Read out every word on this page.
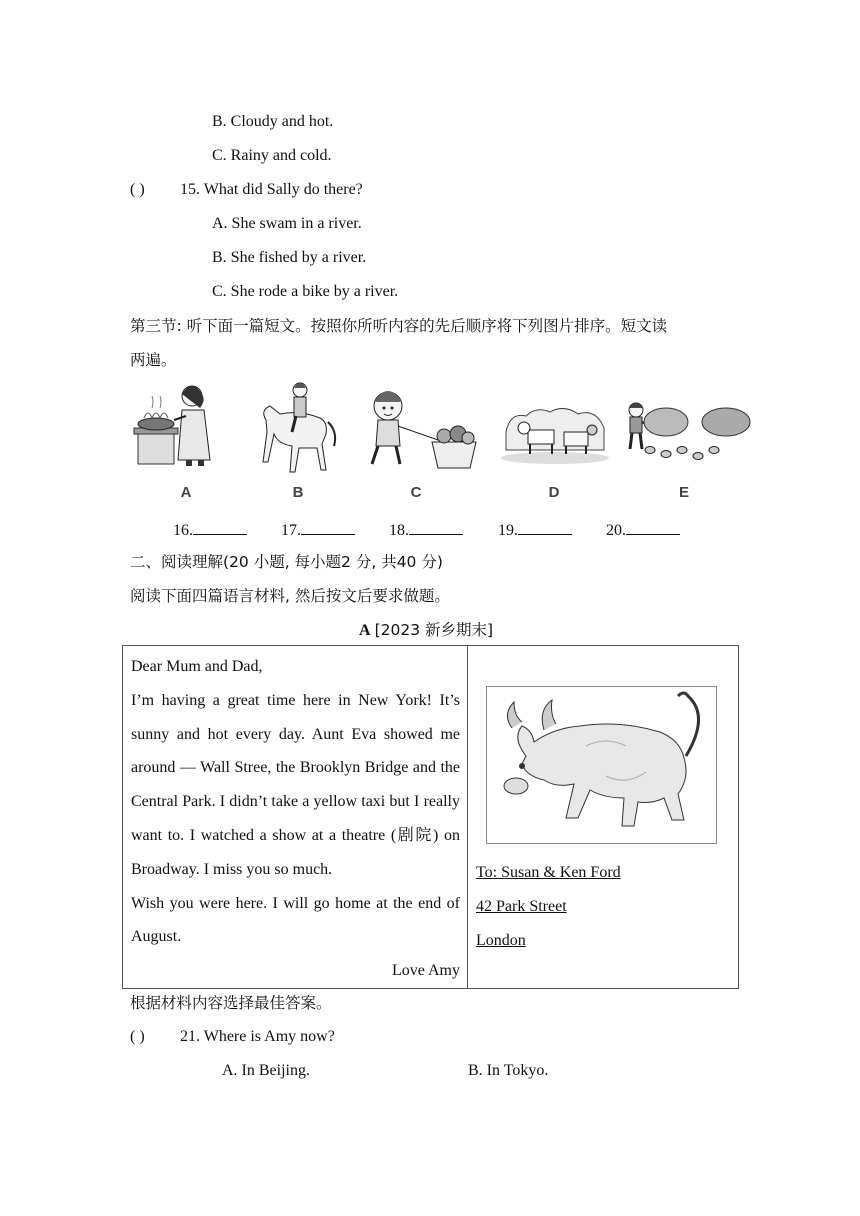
B. Cloudy and hot.
C. Rainy and cold.
( ) 15. What did Sally do there?
A. She swam in a river.
B. She fished by a river.
C. She rode a bike by a river.
第三节: 听下面一篇短文。按照你所听内容的先后顺序将下列图片排序。短文读
两遍。
A	B	C	D	E
16.	17.	18.	19.	20.
二、阅读理解(20 小题, 每小题2 分, 共40 分)
阅读下面四篇语言材料, 然后按文后要求做题。
A [2023 新乡期末]

Dear Mum and Dad,

I’m having a great time here in New York! It’s sunny and hot every day. Aunt Eva showed me around — Wall Stree, the Brooklyn Bridge and the Central Park. I didn’t take a yellow taxi but I really want to. I watched a show at a theatre (剧院) on Broadway. I miss you so much.

Wish you were here. I will go home at the end of August.

Love Amy

To: Susan & Ken Ford
42 Park Street
London
根据材料内容选择最佳答案。
( ) 21. Where is Amy now?
A. In Beijing.	B. In Tokyo.
